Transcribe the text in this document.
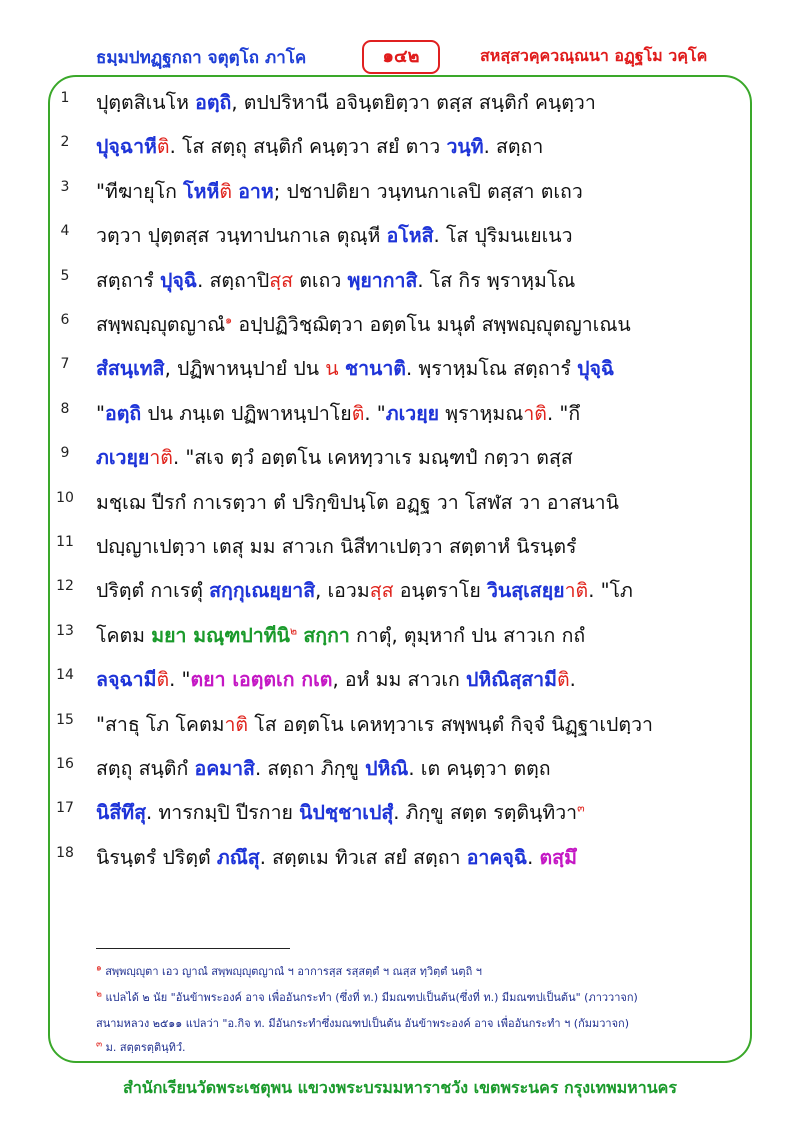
ธมฺมปทฏฺฐกถา จตุตฺโถ ภาโค	๑๔๒	สหสฺสวคฺควณฺณนา อฏฺฐโม วคฺโค
1	ปุตฺตสิเนโห อตฺถิ, ตปปริหานี อจินฺตยิตฺวา ตสฺส สนฺติกํ คนฺตฺวา
2	ปุจฺฉาหีติ. โส สตฺถุ สนฺติกํ คนฺตฺวา สยํ ตาว วนฺทิ. สตฺถา
3	"ทีฆายุโก โหหีติ อาห; ปชาปติยา วนฺทนกาเลปิ ตสฺสา ตเถว
4	วตฺวา ปุตฺตสฺส วนฺทาปนกาเล ตุณฺหี อโหสิ. โส ปุริมนเยเนว
5	สตฺถารํ ปุจฺฉิ. สตฺถาปิสฺส ตเถว พฺยากาสิ. โส กิร พฺราหฺมโณ
6	สพฺพญฺญุตญาณํ$^๑$ อปฺปฏิวิชฺฌิตฺวา อตฺตโน มนุตํ สพฺพญฺญุตญาเณน
7	สํสนฺเทสิ, ปฏิพาหนฺปายํ ปน น ชานาติ. พฺราหฺมโณ สตฺถารํ ปุจฺฉิ
8	"อตฺถิ ปน ภนฺเต ปฏิพาหนฺปาโยติ. "ภเวยฺย พฺราหฺมณาติ. "กึ
9	ภเวยฺยาติ. "สเจ ตฺวํ อตฺตโน เคหทฺวาเร มณฺฑปํ กตฺวา ตสฺส
10 มชฺเฌ ปีรกํ กาเรตฺวา ตํ ปริกฺขิปนฺโต อฏฺฐ วา โสฬส วา อาสนานิ
11 ปญฺญาเปตฺวา เตสุ มม สาวเก นิสีทาเปตฺวา สตฺตาหํ นิรนฺตรํ
12 ปริตฺตํ กาเรตุํ สกฺกุเณยฺยาสิ, เอวมสฺส อนฺตราโย วินสฺเสยฺยาติ. "โภ
13 โคตม มยา มณฺฑปาทีนิ$^๒$ สกฺกา กาตุํ, ตุมฺหากํ ปน สาวเก กถํ
14 ลจฺฉามีติ. "ตยา เอตฺตเก กเต, อหํ มม สาวเก ปหิณิสฺสามีติ.
15 "สาธุ โภ โคตมาติ โส อตฺตโน เคหทฺวาเร สพฺพนฺตํ กิจฺจํ นิฏฺฐาเปตฺวา
16 สตฺถุ สนฺติกํ อคมาสิ. สตฺถา ภิกฺขู ปหิณิ. เต คนฺตฺวา ตตฺถ
17 นิสีทึสุ. ทารกมฺปิ ปีรกาย นิปชฺชาเปสุํ. ภิกฺขู สตฺต รตฺตินฺทิวา$^๓$
18 นิรนฺตรํ ปริตฺตํ ภณึสุ. สตฺตเม ทิวเส สยํ สตฺถา อาคจฺฉิ. ตสฺมึ
$^๑$ สพฺพญฺญุตา เอว ญาณํ สพฺพญฺญุตญาณํ ฯ อาการสฺส รสฺสตฺตํ ฯ ณสฺส ทฺวิตฺตํ นตฺถิ ฯ
$^๒$ แปลได้ ๒ นัย "อันข้าพระองค์ อาจ เพื่ออันกระทำ (ซึ่งที่ ท.) มีมณฑปเป็นต้น(ซึ่งที่ ท.) มีมณฑปเป็นต้น" (ภาววาจก)
สนามหลวง ๒๕๑๑ แปลว่า "อ.กิจ ท. มีอันกระทำซึ่งมณฑปเป็นต้น อันข้าพระองค์ อาจ เพื่ออันกระทำ ฯ (กัมมวาจก)
$^๓$ ม. สตฺตรตฺตินฺทิวํ.
สำนักเรียนวัดพระเชตุพน แขวงพระบรมมหาราชวัง เขตพระนคร กรุงเทพมหานคร
